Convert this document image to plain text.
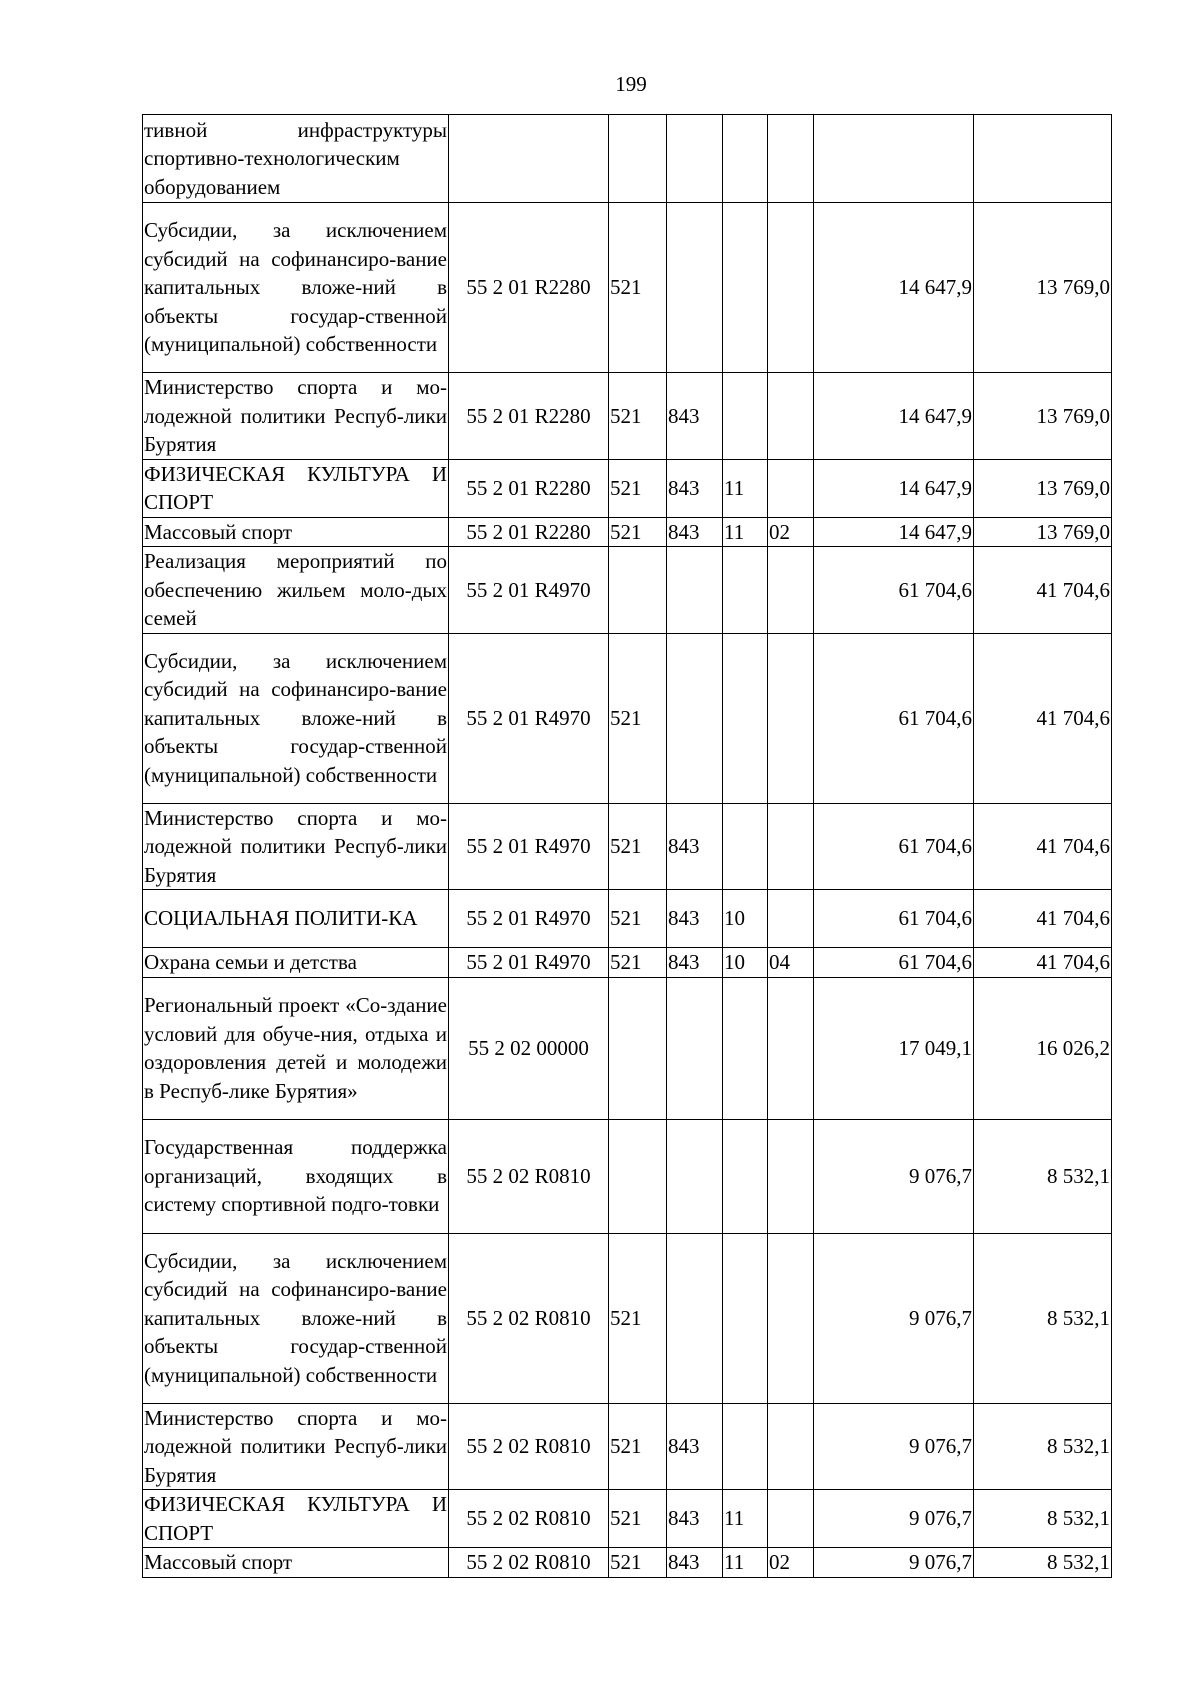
199
тивной инфраструктуры спортивно-технологическим оборудованием							
Субсидии, за исключением субсидий на софинансиро-вание капитальных вложе-ний в объекты государ-ственной (муниципальной) собственности	55 2 01 R2280	521				14 647,9	13 769,0
Министерство спорта и мо-лодежной политики Респуб-лики Бурятия	55 2 01 R2280	521	843			14 647,9	13 769,0
ФИЗИЧЕСКАЯ КУЛЬТУРА И СПОРТ	55 2 01 R2280	521	843	11		14 647,9	13 769,0
Массовый спорт	55 2 01 R2280	521	843	11	02	14 647,9	13 769,0
Реализация мероприятий по обеспечению жильем моло-дых семей	55 2 01 R4970					61 704,6	41 704,6
Субсидии, за исключением субсидий на софинансиро-вание капитальных вложе-ний в объекты государ-ственной (муниципальной) собственности	55 2 01 R4970	521				61 704,6	41 704,6
Министерство спорта и мо-лодежной политики Респуб-лики Бурятия	55 2 01 R4970	521	843			61 704,6	41 704,6
СОЦИАЛЬНАЯ ПОЛИТИ-КА	55 2 01 R4970	521	843	10		61 704,6	41 704,6
Охрана семьи и детства	55 2 01 R4970	521	843	10	04	61 704,6	41 704,6
Региональный проект «Со-здание условий для обуче-ния, отдыха и оздоровления детей и молодежи в Респуб-лике Бурятия»	55 2 02 00000					17 049,1	16 026,2
Государственная поддержка организаций, входящих в систему спортивной подго-товки	55 2 02 R0810					9 076,7	8 532,1
Субсидии, за исключением субсидий на софинансиро-вание капитальных вложе-ний в объекты государ-ственной (муниципальной) собственности	55 2 02 R0810	521				9 076,7	8 532,1
Министерство спорта и мо-лодежной политики Респуб-лики Бурятия	55 2 02 R0810	521	843			9 076,7	8 532,1
ФИЗИЧЕСКАЯ КУЛЬТУРА И СПОРТ	55 2 02 R0810	521	843	11		9 076,7	8 532,1
Массовый спорт	55 2 02 R0810	521	843	11	02	9 076,7	8 532,1
